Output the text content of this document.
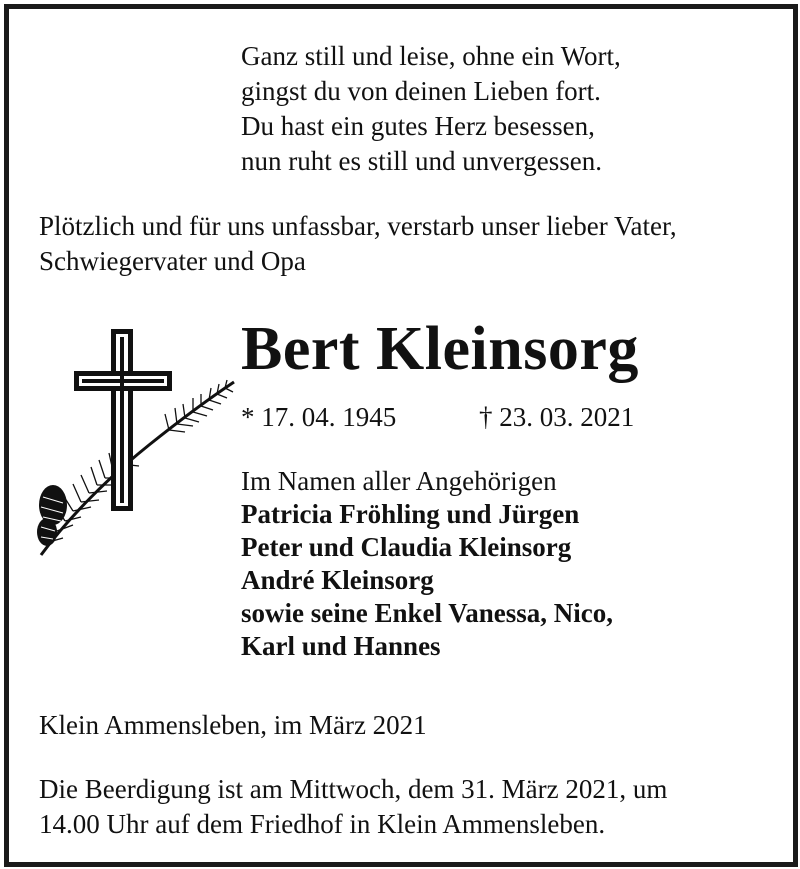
Ganz still und leise, ohne ein Wort,
gingst du von deinen Lieben fort.
Du hast ein gutes Herz besessen,
nun ruht es still und unvergessen.
Plötzlich und für uns unfassbar, verstarb unser lieber Vater,
Schwiegervater und Opa
Bert Kleinsorg
* 17. 04. 1945	† 23. 03. 2021
Im Namen aller Angehörigen
Patricia Fröhling und Jürgen
Peter und Claudia Kleinsorg
André Kleinsorg
sowie seine Enkel Vanessa, Nico,
Karl und Hannes
Klein Ammensleben, im März 2021
Die Beerdigung ist am Mittwoch, dem 31. März 2021, um
14.00 Uhr auf dem Friedhof in Klein Ammensleben.
